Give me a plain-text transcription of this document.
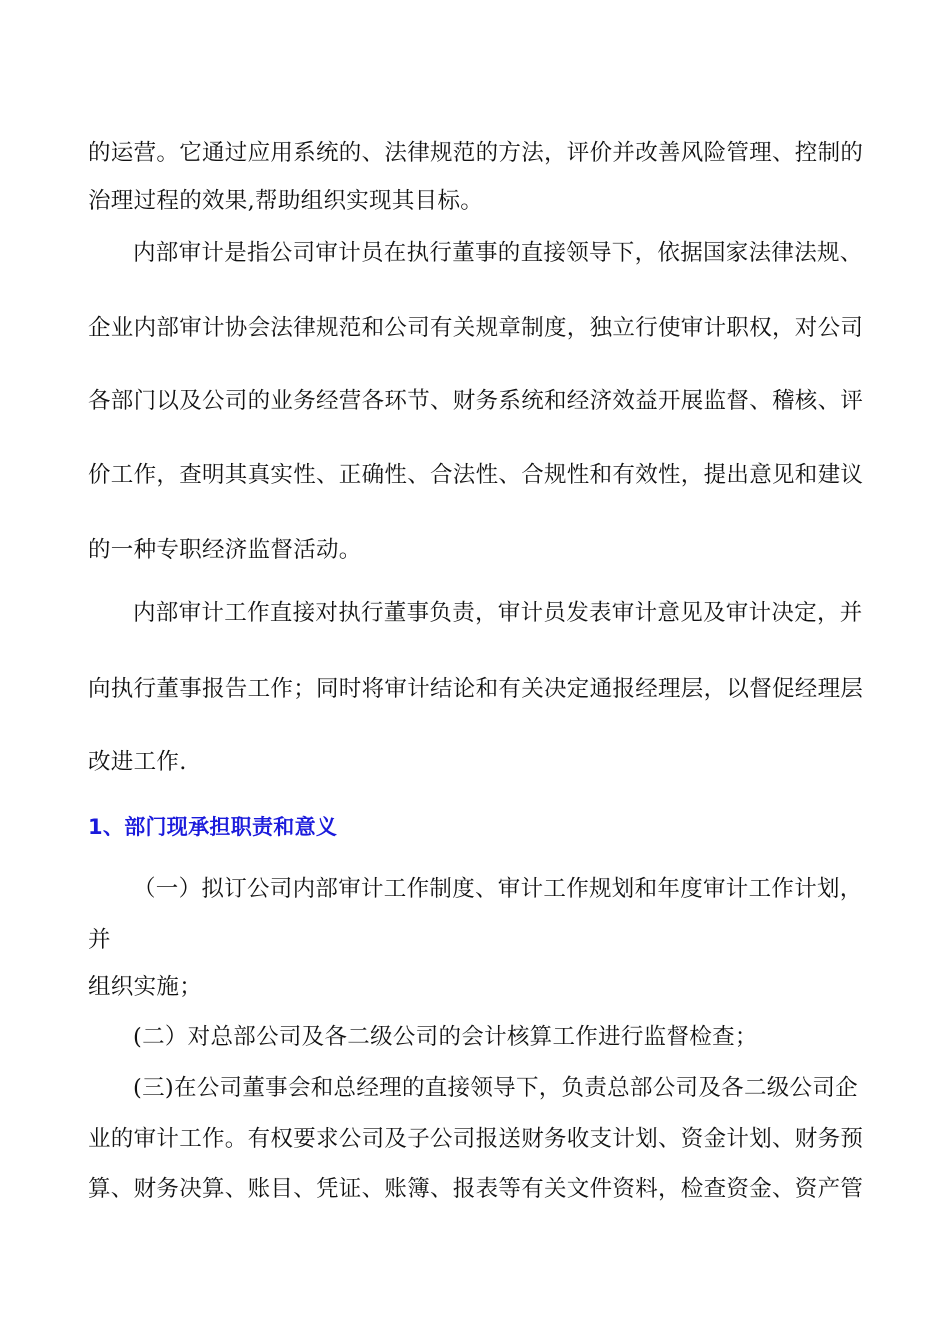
的运营。它通过应用系统的、法律规范的方法，评价并改善风险管理、控制的
治理过程的效果,帮助组织实现其目标。
内部审计是指公司审计员在执行董事的直接领导下，依据国家法律法规、
企业内部审计协会法律规范和公司有关规章制度，独立行使审计职权，对公司
各部门以及公司的业务经营各环节、财务系统和经济效益开展监督、稽核、评
价工作，查明其真实性、正确性、合法性、合规性和有效性，提出意见和建议
的一种专职经济监督活动。
内部审计工作直接对执行董事负责，审计员发表审计意见及审计决定，并
向执行董事报告工作；同时将审计结论和有关决定通报经理层，以督促经理层
改进工作.
1、部门现承担职责和意义
（一）拟订公司内部审计工作制度、审计工作规划和年度审计工作计划，
并
组织实施；
(二）对总部公司及各二级公司的会计核算工作进行监督检查；
(三)在公司董事会和总经理的直接领导下，负责总部公司及各二级公司企
业的审计工作。有权要求公司及子公司报送财务收支计划、资金计划、财务预
算、财务决算、账目、凭证、账簿、报表等有关文件资料，检查资金、资产管
